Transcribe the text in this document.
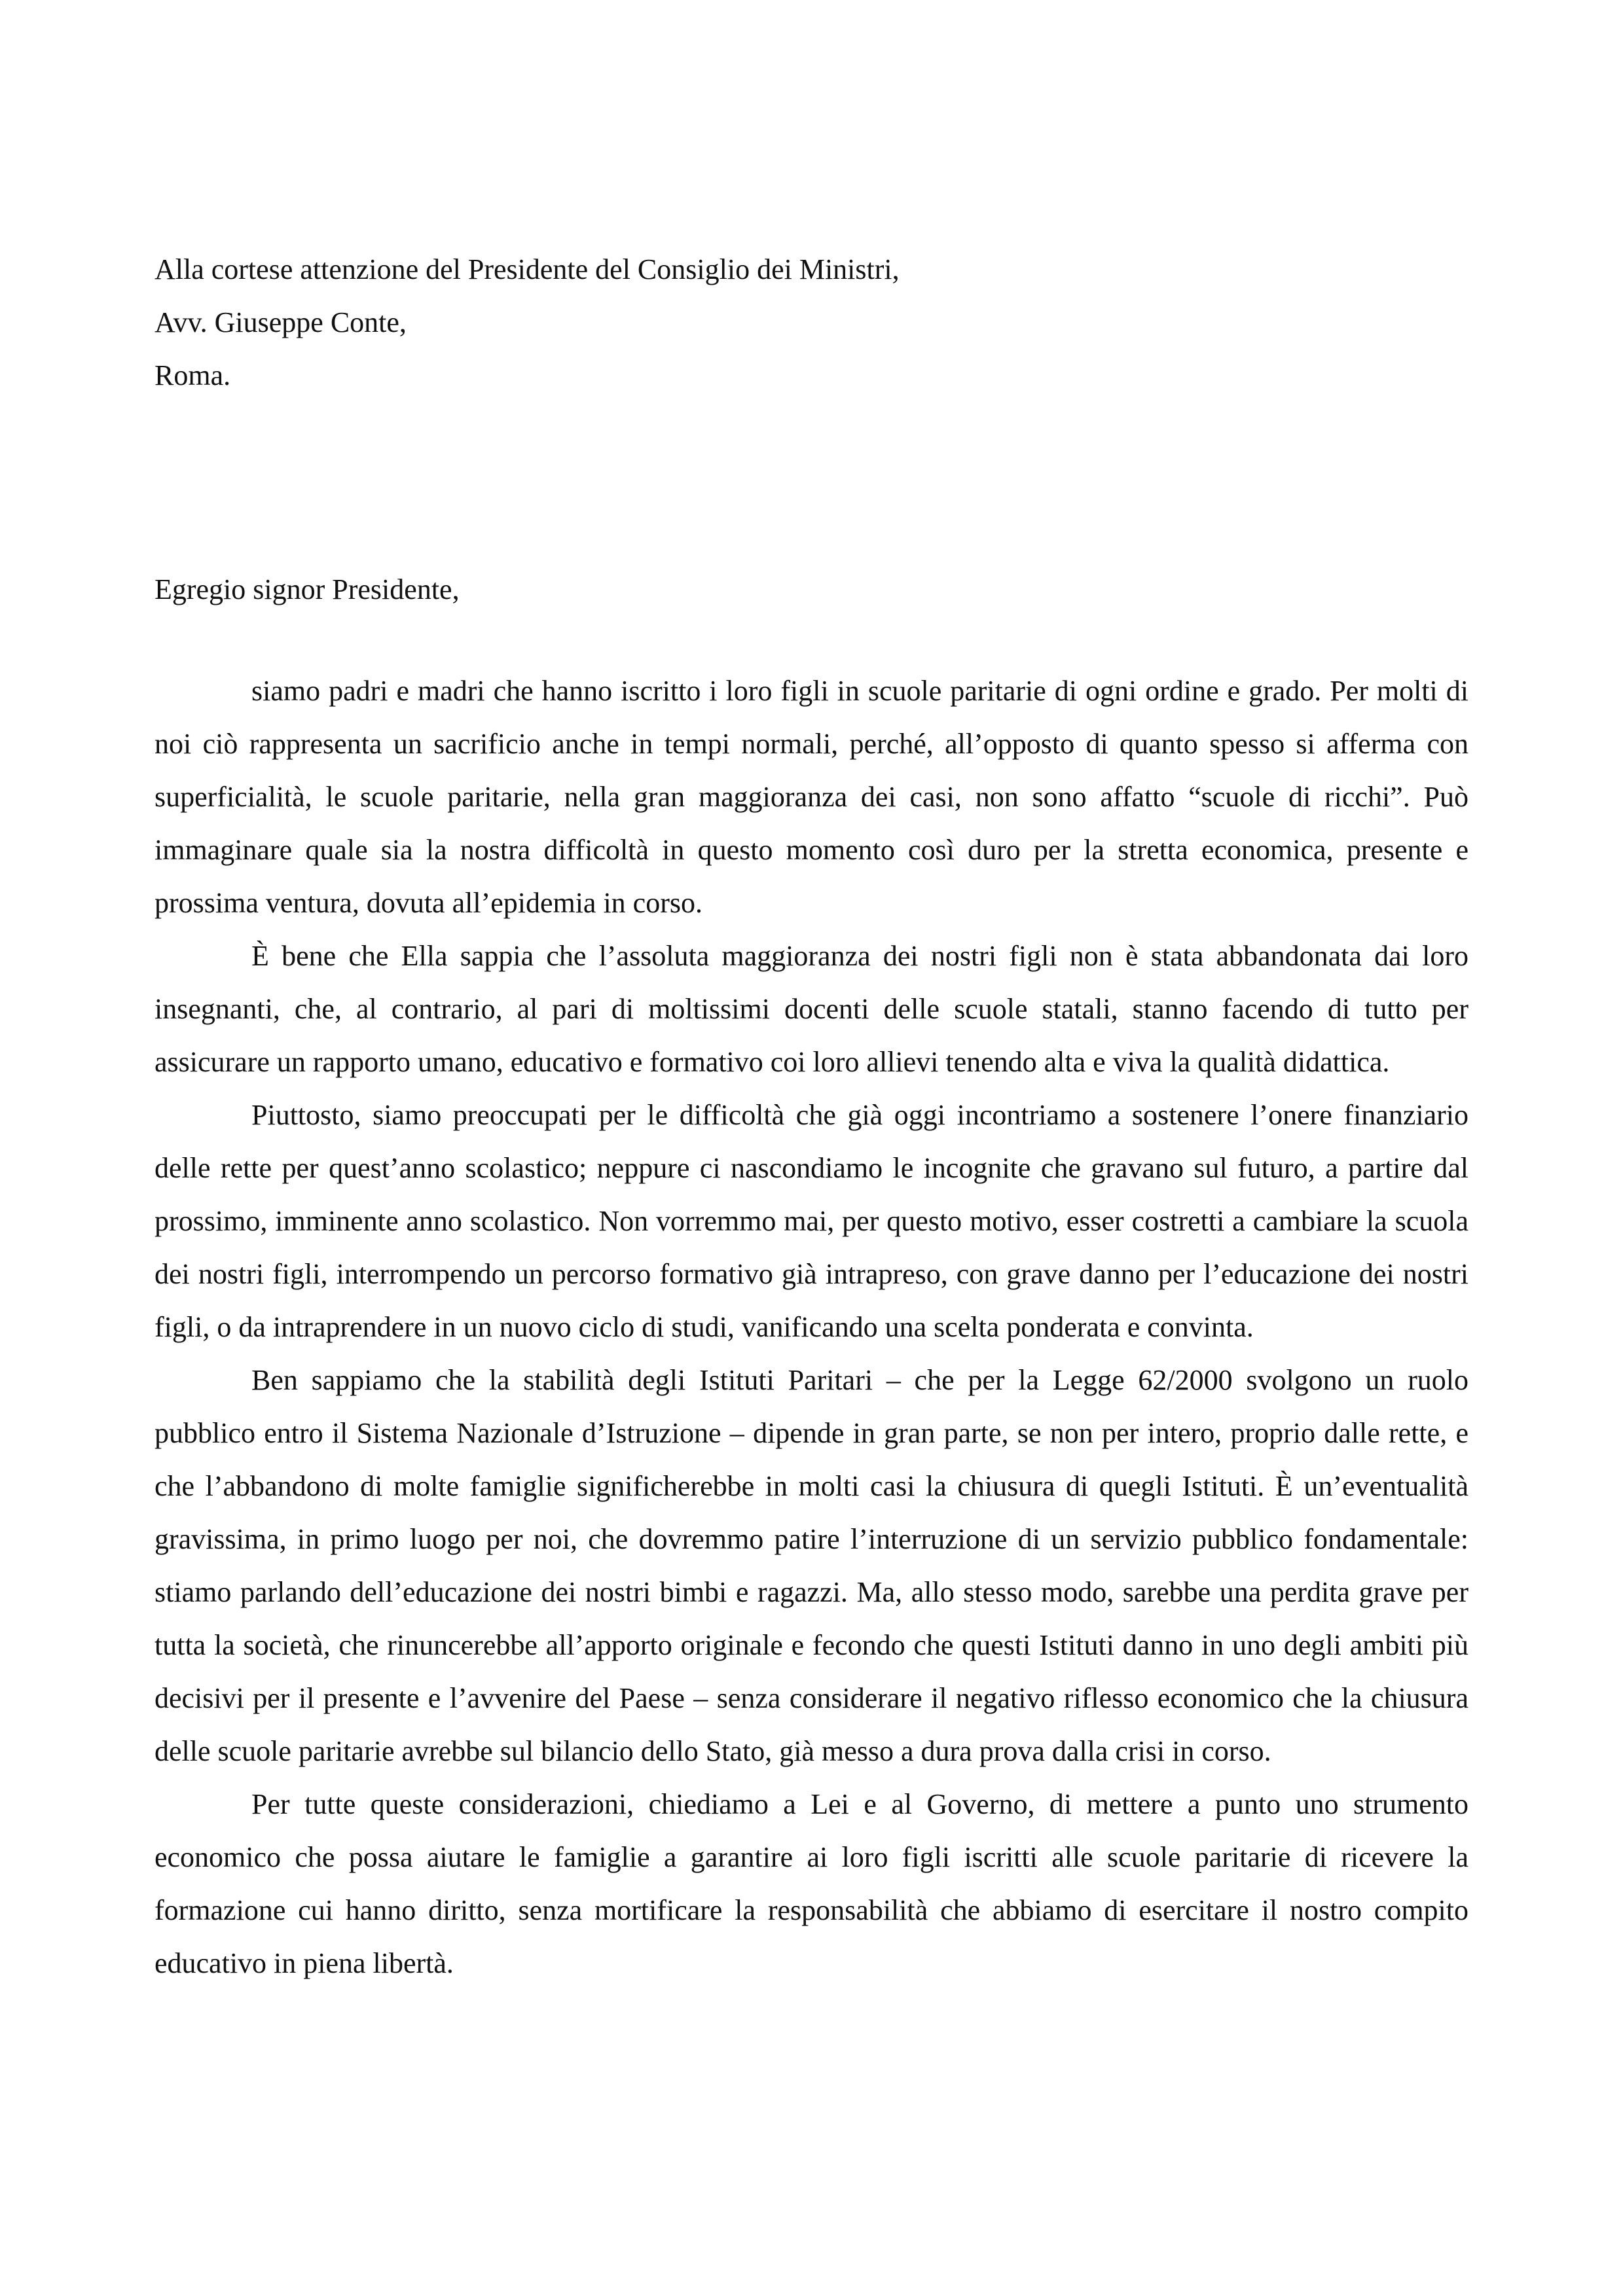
Alla cortese attenzione del Presidente del Consiglio dei Ministri,
Avv. Giuseppe Conte,
Roma.
Egregio signor Presidente,

siamo padri e madri che hanno iscritto i loro figli in scuole paritarie di ogni ordine e grado. Per molti di noi ciò rappresenta un sacrificio anche in tempi normali, perché, all’opposto di quanto spesso si afferma con superficialità, le scuole paritarie, nella gran maggioranza dei casi, non sono affatto “scuole di ricchi”. Può immaginare quale sia la nostra difficoltà in questo momento così duro per la stretta economica, presente e prossima ventura, dovuta all’epidemia in corso.

È bene che Ella sappia che l’assoluta maggioranza dei nostri figli non è stata abbandonata dai loro insegnanti, che, al contrario, al pari di moltissimi docenti delle scuole statali, stanno facendo di tutto per assicurare un rapporto umano, educativo e formativo coi loro allievi tenendo alta e viva la qualità didattica.

Piuttosto, siamo preoccupati per le difficoltà che già oggi incontriamo a sostenere l’onere finanziario delle rette per quest’anno scolastico; neppure ci nascondiamo le incognite che gravano sul futuro, a partire dal prossimo, imminente anno scolastico. Non vorremmo mai, per questo motivo, esser costretti a cambiare la scuola dei nostri figli, interrompendo un percorso formativo già intrapreso, con grave danno per l’educazione dei nostri figli, o da intraprendere in un nuovo ciclo di studi, vanificando una scelta ponderata e convinta.

Ben sappiamo che la stabilità degli Istituti Paritari – che per la Legge 62/2000 svolgono un ruolo pubblico entro il Sistema Nazionale d’Istruzione – dipende in gran parte, se non per intero, proprio dalle rette, e che l’abbandono di molte famiglie significherebbe in molti casi la chiusura di quegli Istituti. È un’eventualità gravissima, in primo luogo per noi, che dovremmo patire l’interruzione di un servizio pubblico fondamentale: stiamo parlando dell’educazione dei nostri bimbi e ragazzi. Ma, allo stesso modo, sarebbe una perdita grave per tutta la società, che rinuncerebbe all’apporto originale e fecondo che questi Istituti danno in uno degli ambiti più decisivi per il presente e l’avvenire del Paese – senza considerare il negativo riflesso economico che la chiusura delle scuole paritarie avrebbe sul bilancio dello Stato, già messo a dura prova dalla crisi in corso.

Per tutte queste considerazioni, chiediamo a Lei e al Governo, di mettere a punto uno strumento economico che possa aiutare le famiglie a garantire ai loro figli iscritti alle scuole paritarie di ricevere la formazione cui hanno diritto, senza mortificare la responsabilità che abbiamo di esercitare il nostro compito educativo in piena libertà.
